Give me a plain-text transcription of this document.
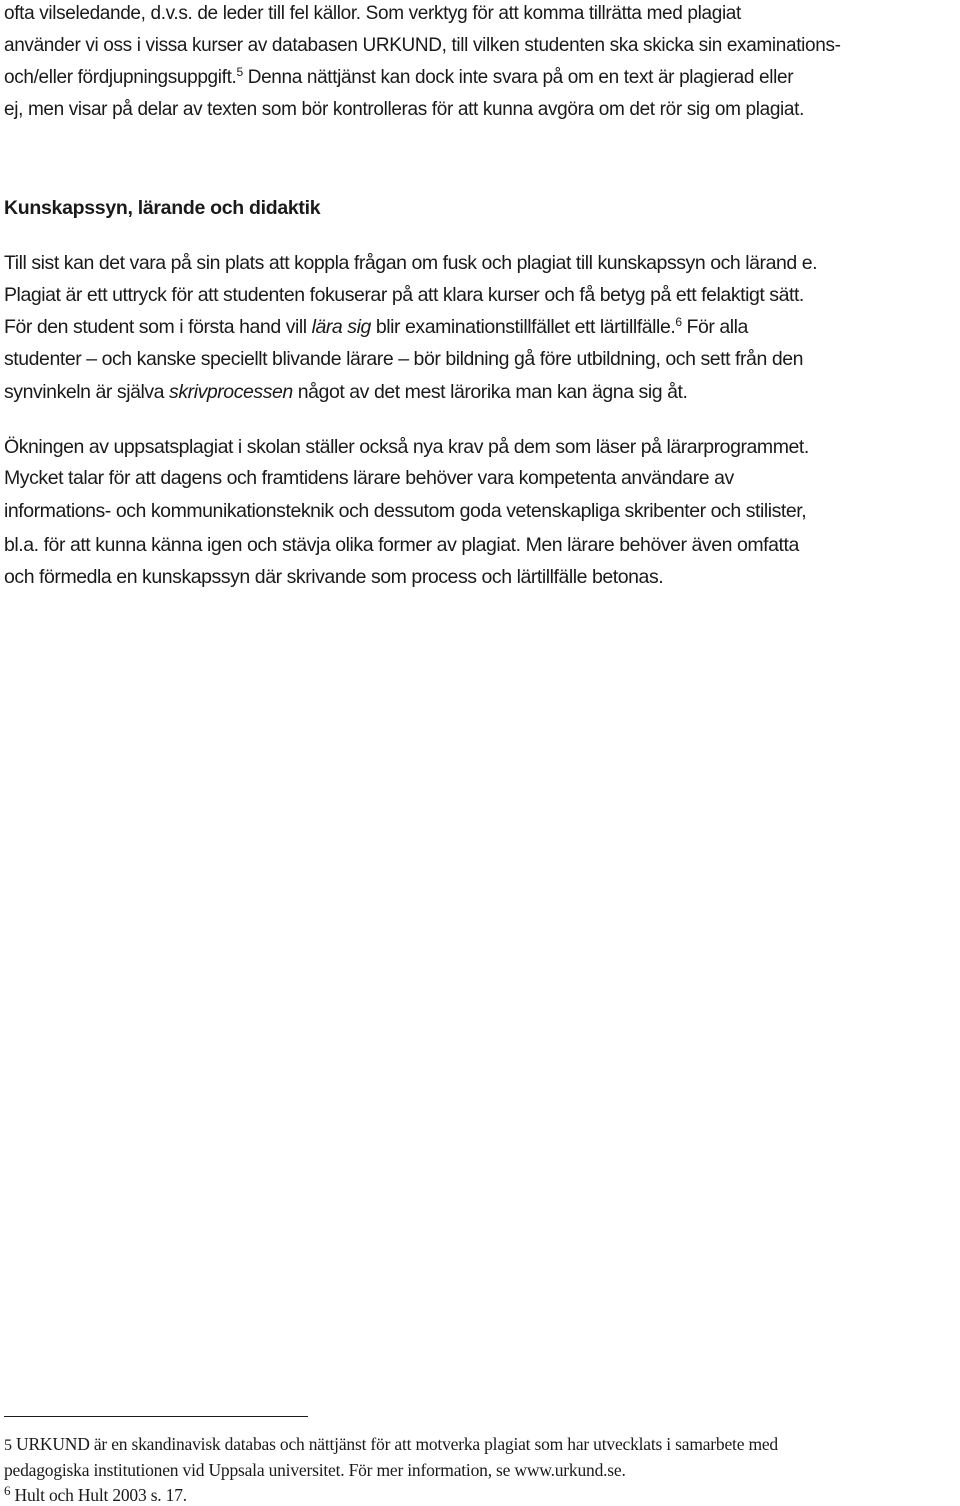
ofta vilseledande, d.v.s. de leder till fel källor. Som verktyg för att komma tillrätta med plagiat
använder vi oss i vissa kurser av databasen URKUND, till vilken studenten ska skicka sin examinations-
och/eller fördjupningsuppgift.$^5$ Denna nättjänst kan dock inte svara på om en text är plagierad eller
ej, men visar på delar av texten som bör kontrolleras för att kunna avgöra om det rör sig om plagiat.
Kunskapssyn, lärande och didaktik
Till sist kan det vara på sin plats att koppla frågan om fusk och plagiat till kunskapssyn och lärand e.
Plagiat är ett uttryck för att studenten fokuserar på att klara kurser och få betyg på ett felaktigt sätt.
För den student som i första hand vill lära sig blir examinationstillfället ett lärtillfälle.$^6$ För alla
studenter – och kanske speciellt blivande lärare – bör bildning gå före utbildning, och sett från den
synvinkeln är själva skrivprocessen något av det mest lärorika man kan ägna sig åt.
Ökningen av uppsatsplagiat i skolan ställer också nya krav på dem som läser på lärarprogrammet.
Mycket talar för att dagens och framtidens lärare behöver vara kompetenta användare av
informations- och kommunikationsteknik och dessutom goda vetenskapliga skribenter och stilister,
bl.a. för att kunna känna igen och stävja olika former av plagiat. Men lärare behöver även omfatta
och förmedla en kunskapssyn där skrivande som process och lärtillfälle betonas.
5 URKUND är en skandinavisk databas och nättjänst för att motverka plagiat som har utvecklats i samarbete med
pedagogiska institutionen vid Uppsala universitet. För mer information, se www.urkund.se.
$^6$ Hult och Hult 2003 s. 17.
